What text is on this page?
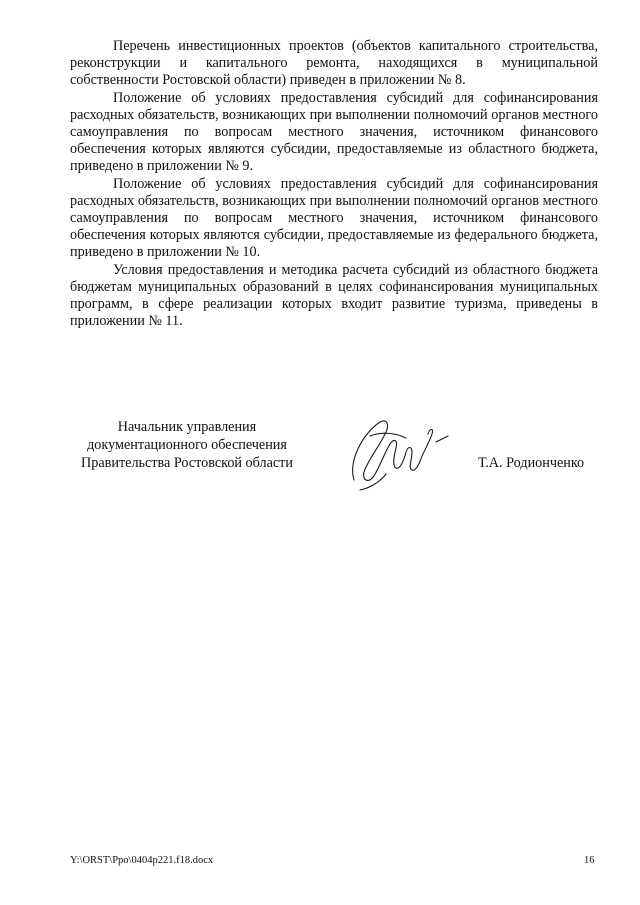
Перечень инвестиционных проектов (объектов капитального строительства, реконструкции и капитального ремонта, находящихся в муниципальной собственности Ростовской области) приведен в приложении № 8.

Положение об условиях предоставления субсидий для софинансирования расходных обязательств, возникающих при выполнении полномочий органов местного самоуправления по вопросам местного значения, источником финансового обеспечения которых являются субсидии, предоставляемые из областного бюджета, приведено в приложении № 9.

Положение об условиях предоставления субсидий для софинансирования расходных обязательств, возникающих при выполнении полномочий органов местного самоуправления по вопросам местного значения, источником финансового обеспечения которых являются субсидии, предоставляемые из федерального бюджета, приведено в приложении № 10.

Условия предоставления и методика расчета субсидий из областного бюджета бюджетам муниципальных образований в целях софинансирования муниципальных программ, в сфере реализации которых входит развитие туризма, приведены в приложении № 11.

Начальник управления
документационного обеспечения
Правительства Ростовской области	Т.А. Родионченко
Y:\ORST\Ppo\0404p221.f18.docx	16
